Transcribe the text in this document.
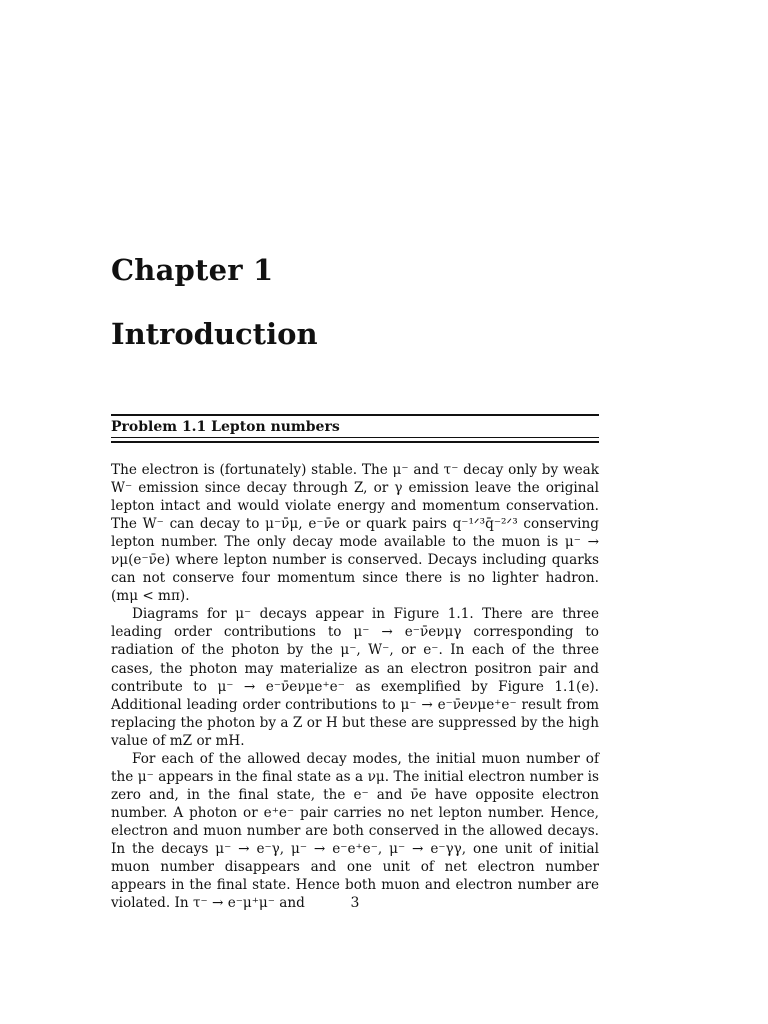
Chapter 1
Introduction
Problem 1.1 Lepton numbers

The electron is (fortunately) stable. The μ⁻ and τ⁻ decay only by weak W⁻ emission since decay through Z, or γ emission leave the original lepton intact and would violate energy and momentum conservation. The W⁻ can decay to μ⁻ν̄μ, e⁻ν̄e or quark pairs q⁻¹ᐟ³q̄⁻²ᐟ³ conserving lepton number. The only decay mode available to the muon is μ⁻ → νμ(e⁻ν̄e) where lepton number is conserved. Decays including quarks can not conserve four momentum since there is no lighter hadron. (mμ < mπ).

Diagrams for μ⁻ decays appear in Figure 1.1. There are three leading order contributions to μ⁻ → e⁻ν̄eνμγ corresponding to radiation of the photon by the μ⁻, W⁻, or e⁻. In each of the three cases, the photon may materialize as an electron positron pair and contribute to μ⁻ → e⁻ν̄eνμe⁺e⁻ as exemplified by Figure 1.1(e). Additional leading order contributions to μ⁻ → e⁻ν̄eνμe⁺e⁻ result from replacing the photon by a Z or H but these are suppressed by the high value of mZ or mH.

For each of the allowed decay modes, the initial muon number of the μ⁻ appears in the final state as a νμ. The initial electron number is zero and, in the final state, the e⁻ and ν̄e have opposite electron number. A photon or e⁺e⁻ pair carries no net lepton number. Hence, electron and muon number are both conserved in the allowed decays. In the decays μ⁻ → e⁻γ, μ⁻ → e⁻e⁺e⁻, μ⁻ → e⁻γγ, one unit of initial muon number disappears and one unit of net electron number appears in the final state. Hence both muon and electron number are violated. In τ⁻ → e⁻μ⁺μ⁻ and	3
